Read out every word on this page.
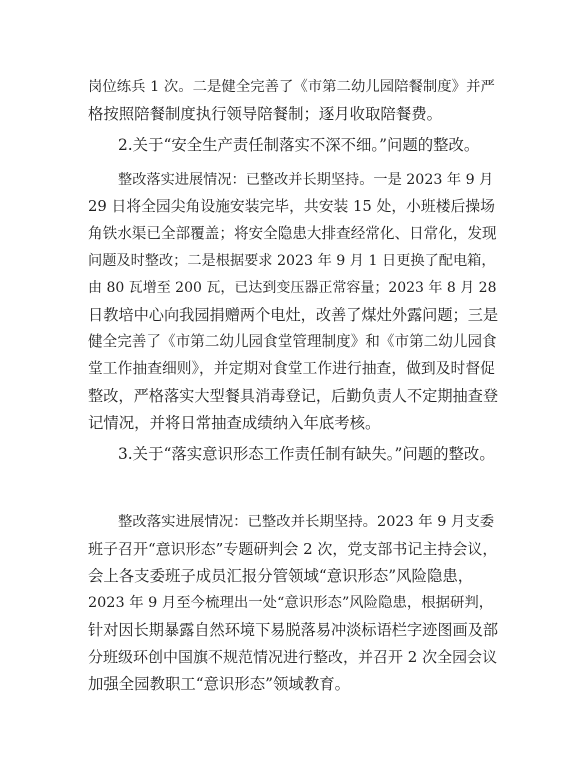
岗位练兵 1 次。二是健全完善了《市第二幼儿园陪餐制度》并严
格按照陪餐制度执行领导陪餐制；逐月收取陪餐费。
2.关于“安全生产责任制落实不深不细。”问题的整改。
整改落实进展情况：已整改并长期坚持。一是 2023 年 9 月
29 日将全园尖角设施安装完毕，共安装 15 处，小班楼后操场
角铁水渠已全部覆盖；将安全隐患大排查经常化、日常化，发现
问题及时整改；二是根据要求 2023 年 9 月 1 日更换了配电箱，
由 80 瓦增至 200 瓦，已达到变压器正常容量；2023 年 8 月 28
日教培中心向我园捐赠两个电灶，改善了煤灶外露问题；三是
健全完善了《市第二幼儿园食堂管理制度》和《市第二幼儿园食
堂工作抽查细则》，并定期对食堂工作进行抽查，做到及时督促
整改，严格落实大型餐具消毒登记，后勤负责人不定期抽查登
记情况，并将日常抽查成绩纳入年底考核。
3.关于“落实意识形态工作责任制有缺失。”问题的整改。
整改落实进展情况：已整改并长期坚持。2023 年 9 月支委
班子召开“意识形态”专题研判会 2 次，党支部书记主持会议，
会上各支委班子成员汇报分管领域“意识形态”风险隐患，
2023 年 9 月至今梳理出一处“意识形态”风险隐患，根据研判，
针对因长期暴露自然环境下易脱落易冲淡标语栏字迹图画及部
分班级环创中国旗不规范情况进行整改，并召开 2 次全园会议
加强全园教职工“意识形态”领域教育。
